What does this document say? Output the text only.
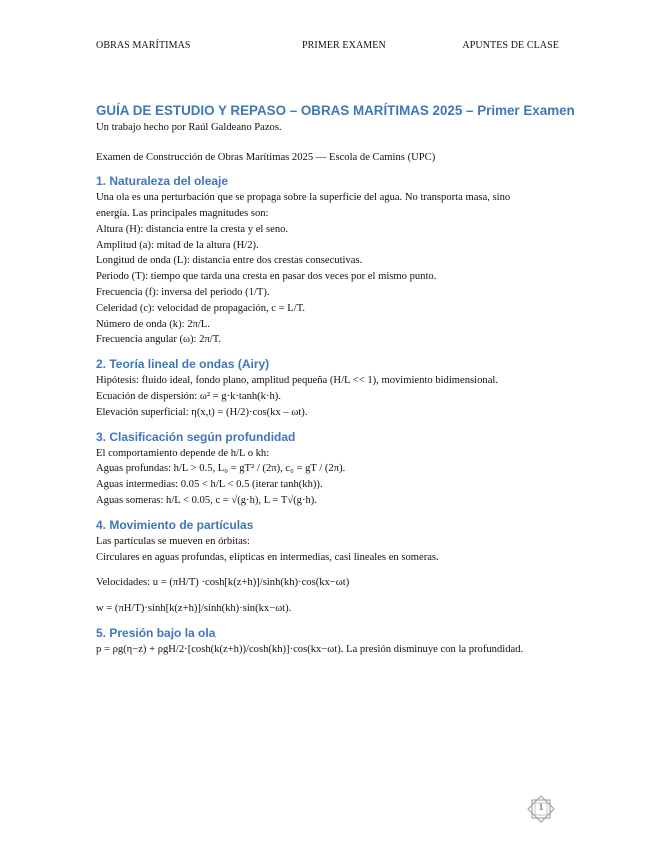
OBRAS MARÍTIMAS	PRIMER EXAMEN	APUNTES DE CLASE
GUÍA DE ESTUDIO Y REPASO – OBRAS MARÍTIMAS 2025 – Primer Examen

Un trabajo hecho por Raúl Galdeano Pazos.

Examen de Construcción de Obras Marítimas 2025 — Escola de Camins (UPC)

1. Naturaleza del oleaje

Una ola es una perturbación que se propaga sobre la superficie del agua. No transporta masa, sino energía. Las principales magnitudes son:

Altura (H): distancia entre la cresta y el seno.

Amplitud (a): mitad de la altura (H/2).

Longitud de onda (L): distancia entre dos crestas consecutivas.

Periodo (T): tiempo que tarda una cresta en pasar dos veces por el mismo punto.

Frecuencia (f): inversa del periodo (1/T).

Celeridad (c): velocidad de propagación, c = L/T.

Número de onda (k): 2π/L.

Frecuencia angular (ω): 2π/T.

2. Teoría lineal de ondas (Airy)

Hipótesis: fluido ideal, fondo plano, amplitud pequeña (H/L << 1), movimiento bidimensional.

Ecuación de dispersión: ω² = g·k·tanh(k·h).

Elevación superficial: η(x,t) = (H/2)·cos(kx – ωt).

3. Clasificación según profundidad

El comportamiento depende de h/L o kh:

Aguas profundas: h/L > 0.5, L₀ = gT² / (2π), c₀ = gT / (2π).

Aguas intermedias: 0.05 < h/L < 0.5 (iterar tanh(kh)).

Aguas someras: h/L < 0.05, c = √(g·h), L = T√(g·h).

4. Movimiento de partículas

Las partículas se mueven en órbitas:

Circulares en aguas profundas, elípticas en intermedias, casi lineales en someras.

Velocidades: u = (πH/T) ·cosh[k(z+h)]/sinh(kh)·cos(kx−ωt)

w = (πH/T)·sinh[k(z+h)]/sinh(kh)·sin(kx−ωt).

5. Presión bajo la ola

p = ρg(η−z) + ρgH/2·[cosh(k(z+h))/cosh(kh)]·cos(kx−ωt). La presión disminuye con la profundidad.

1
